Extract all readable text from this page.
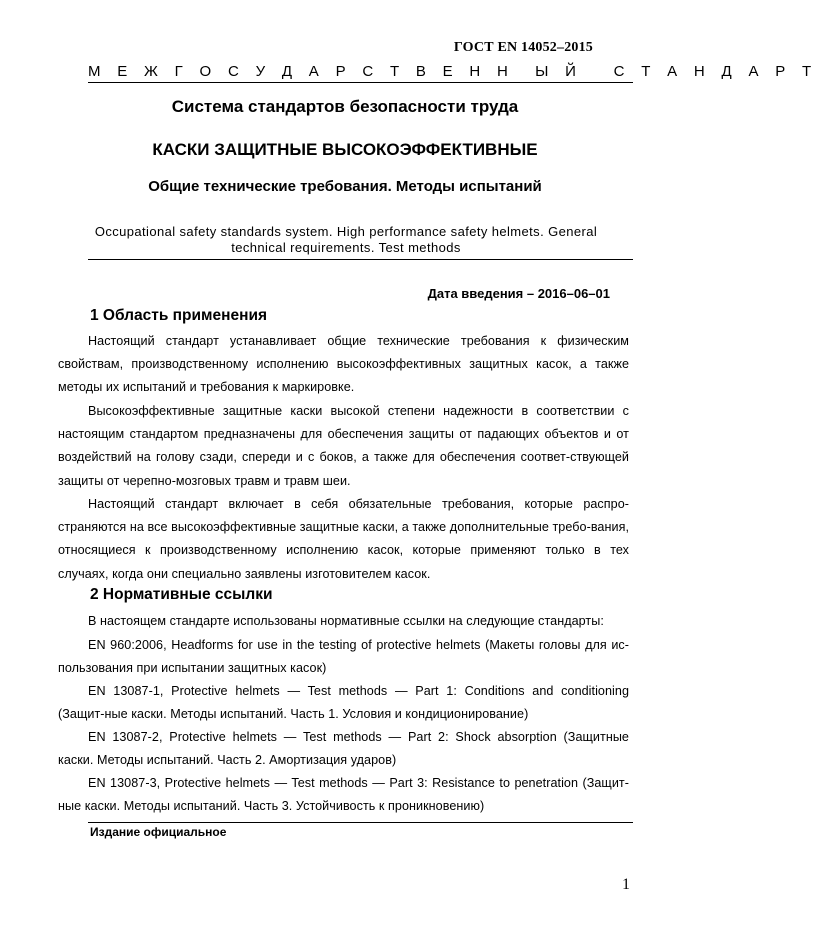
ГОСТ EN 14052–2015
М Е Ж Г О С У Д А Р С Т В Е Н Н  Ы Й   С Т А Н Д А Р Т
Система стандартов безопасности труда
КАСКИ ЗАЩИТНЫЕ ВЫСОКОЭФФЕКТИВНЫЕ
Общие технические требования. Методы испытаний
Occupational safety standards system. High performance safety helmets. General technical requirements. Test methods
Дата введения – 2016–06–01
1 Область применения
Настоящий стандарт устанавливает общие технические требования к физическим свойствам, производственному исполнению высокоэффективных защитных касок, а также методы их испытаний и требования к маркировке.
Высокоэффективные защитные каски высокой степени надежности в соответствии с настоящим стандартом предназначены для обеспечения защиты от падающих объектов и от воздействий на голову сзади, спереди и с боков, а также для обеспечения соответ-ствующей защиты от черепно-мозговых травм и травм шеи.
Настоящий стандарт включает в себя обязательные требования, которые распро-страняются на все высокоэффективные защитные каски, а также дополнительные требо-вания, относящиеся к производственному исполнению касок, которые применяют только в тех случаях, когда они специально заявлены изготовителем касок.
2 Нормативные ссылки
В настоящем стандарте использованы нормативные ссылки на следующие стандарты:
EN 960:2006, Headforms for use in the testing of protective helmets (Макеты головы для ис-пользования при испытании защитных касок)
EN 13087-1, Protective helmets — Test methods — Part 1: Conditions and conditioning (Защит-ные каски. Методы испытаний. Часть 1. Условия и кондиционирование)
EN 13087-2, Protective helmets — Test methods — Part 2: Shock absorption (Защитные каски. Методы испытаний. Часть 2. Амортизация ударов)
EN 13087-3, Protective helmets — Test methods — Part 3: Resistance to penetration (Защит-ные каски. Методы испытаний. Часть 3. Устойчивость к проникновению)
Издание официальное
1
